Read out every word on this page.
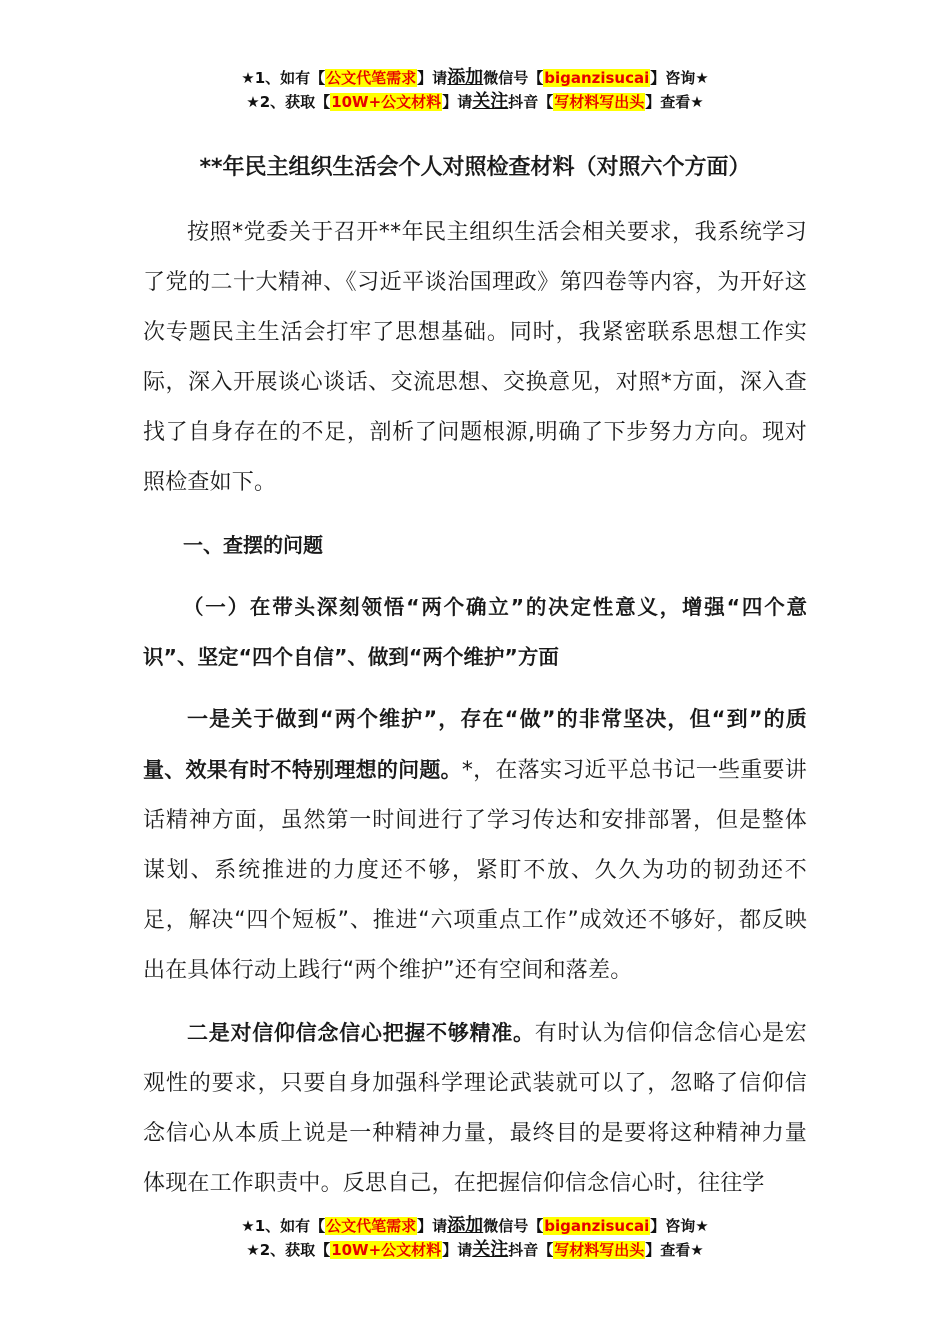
★1、如有【公文代笔需求】请添加微信号【biganzisucai】咨询★
★2、获取【10W+公文材料】请关注抖音【写材料写出头】查看★
**年民主组织生活会个人对照检查材料（对照六个方面）

按照*党委关于召开**年民主组织生活会相关要求，我系统学习了党的二十大精神、《习近平谈治国理政》第四卷等内容，为开好这次专题民主生活会打牢了思想基础。同时，我紧密联系思想工作实际，深入开展谈心谈话、交流思想、交换意见，对照*方面，深入查找了自身存在的不足，剖析了问题根源,明确了下步努力方向。现对照检查如下。

一、查摆的问题

（一）在带头深刻领悟“两个确立”的决定性意义，增强“四个意识”、坚定“四个自信”、做到“两个维护”方面

一是关于做到“两个维护”，存在“做”的非常坚决，但“到”的质量、效果有时不特别理想的问题。*，在落实习近平总书记一些重要讲话精神方面，虽然第一时间进行了学习传达和安排部署，但是整体谋划、系统推进的力度还不够，紧盯不放、久久为功的韧劲还不足，解决“四个短板”、推进“六项重点工作”成效还不够好，都反映出在具体行动上践行“两个维护”还有空间和落差。

二是对信仰信念信心把握不够精准。有时认为信仰信念信心是宏观性的要求，只要自身加强科学理论武装就可以了，忽略了信仰信念信心从本质上说是一种精神力量，最终目的是要将这种精神力量体现在工作职责中。反思自己，在把握信仰信念信心时，往往学

★1、如有【公文代笔需求】请添加微信号【biganzisucai】咨询★
★2、获取【10W+公文材料】请关注抖音【写材料写出头】查看★
